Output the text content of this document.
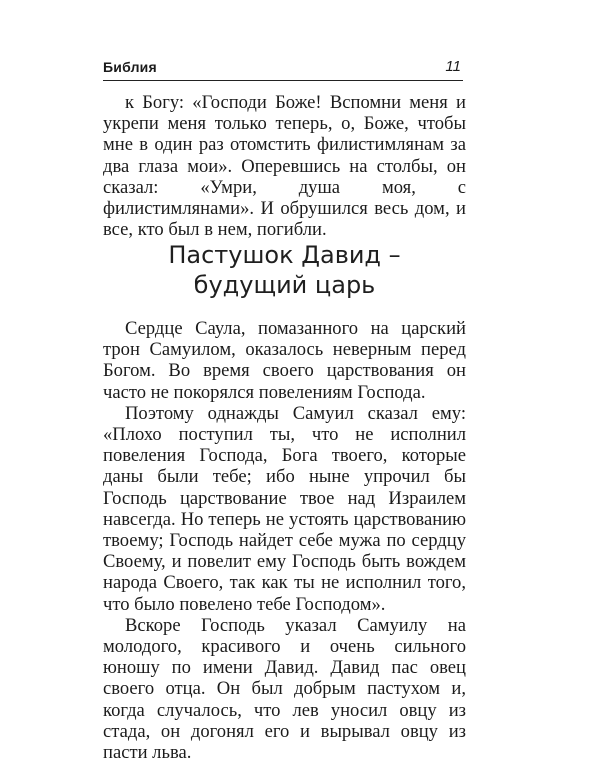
Библия	11

к Богу: «Господи Боже! Вспомни меня и укрепи меня только теперь, о, Боже, чтобы мне в один раз отомстить филистимлянам за два глаза мои». Оперевшись на столбы, он сказал: «Умри, душа моя, с филистимлянами». И обрушился весь дом, и все, кто был в нем, погибли.

Пастушок Давид –
будущий царь

Сердце Саула, помазанного на царский трон Самуилом, оказалось неверным перед Богом. Во время своего царствования он часто не покорялся повелениям Господа.

Поэтому однажды Самуил сказал ему: «Плохо поступил ты, что не исполнил повеления Господа, Бога твоего, которые даны были тебе; ибо ныне упрочил бы Господь царствование твое над Израилем навсегда. Но теперь не устоять царствованию твоему; Господь найдет себе мужа по сердцу Своему, и повелит ему Господь быть вождем народа Своего, так как ты не исполнил того, что было повелено тебе Господом».

Вскоре Господь указал Самуилу на молодого, красивого и очень сильного юношу по имени Давид. Давид пас овец своего отца. Он был добрым пастухом и, когда случалось, что лев уносил овцу из стада, он догонял его и вырывал овцу из пасти льва.
